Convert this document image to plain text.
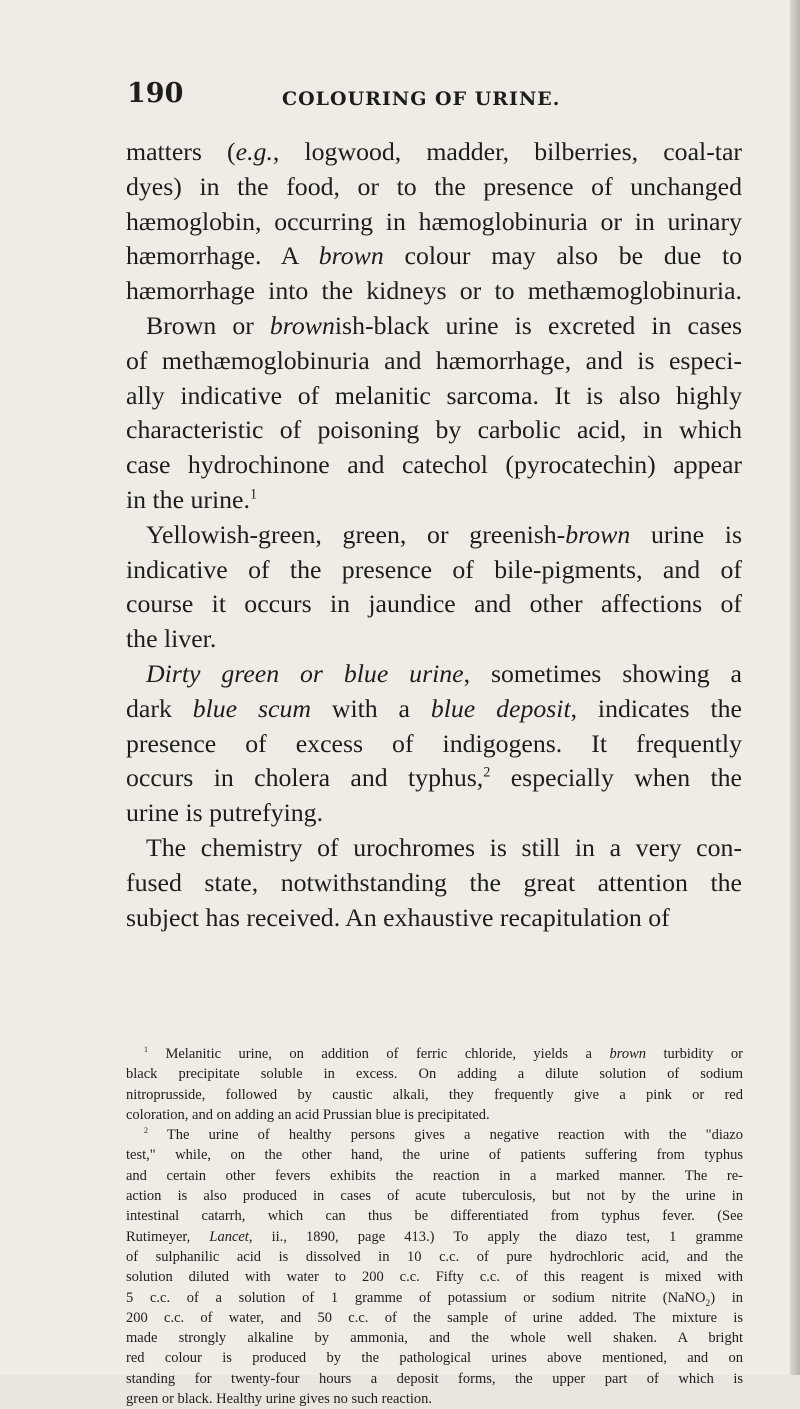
190	COLOURING OF URINE.
matters (e.g., logwood, madder, bilberries, coal-tar
dyes) in the food, or to the presence of unchanged
hæmoglobin, occurring in hæmoglobinuria or in urinary
hæmorrhage. A brown colour may also be due to
hæmorrhage into the kidneys or to methæmoglobinuria.
Brown or brownish-black urine is excreted in cases
of methæmoglobinuria and hæmorrhage, and is especi-
ally indicative of melanitic sarcoma. It is also highly
characteristic of poisoning by carbolic acid, in which
case hydrochinone and catechol (pyrocatechin) appear
in the urine.$^1$
Yellowish-green, green, or greenish-brown urine is
indicative of the presence of bile-pigments, and of
course it occurs in jaundice and other affections of
the liver.
Dirty green or blue urine, sometimes showing a
dark blue scum with a blue deposit, indicates the
presence of excess of indigogens. It frequently
occurs in cholera and typhus,$^2$ especially when the
urine is putrefying.
The chemistry of urochromes is still in a very con-
fused state, notwithstanding the great attention the
subject has received. An exhaustive recapitulation of
$^1$ Melanitic urine, on addition of ferric chloride, yields a brown turbidity or
black precipitate soluble in excess. On adding a dilute solution of sodium
nitroprusside, followed by caustic alkali, they frequently give a pink or red
coloration, and on adding an acid Prussian blue is precipitated.
$^2$ The urine of healthy persons gives a negative reaction with the "diazo
test," while, on the other hand, the urine of patients suffering from typhus
and certain other fevers exhibits the reaction in a marked manner. The re-
action is also produced in cases of acute tuberculosis, but not by the urine in
intestinal catarrh, which can thus be differentiated from typhus fever. (See
Rutimeyer, Lancet, ii., 1890, page 413.) To apply the diazo test, 1 gramme
of sulphanilic acid is dissolved in 10 c.c. of pure hydrochloric acid, and the
solution diluted with water to 200 c.c. Fifty c.c. of this reagent is mixed with
5 c.c. of a solution of 1 gramme of potassium or sodium nitrite (NaNO$_2$) in
200 c.c. of water, and 50 c.c. of the sample of urine added. The mixture is
made strongly alkaline by ammonia, and the whole well shaken. A bright
red colour is produced by the pathological urines above mentioned, and on
standing for twenty-four hours a deposit forms, the upper part of which is
green or black. Healthy urine gives no such reaction.
